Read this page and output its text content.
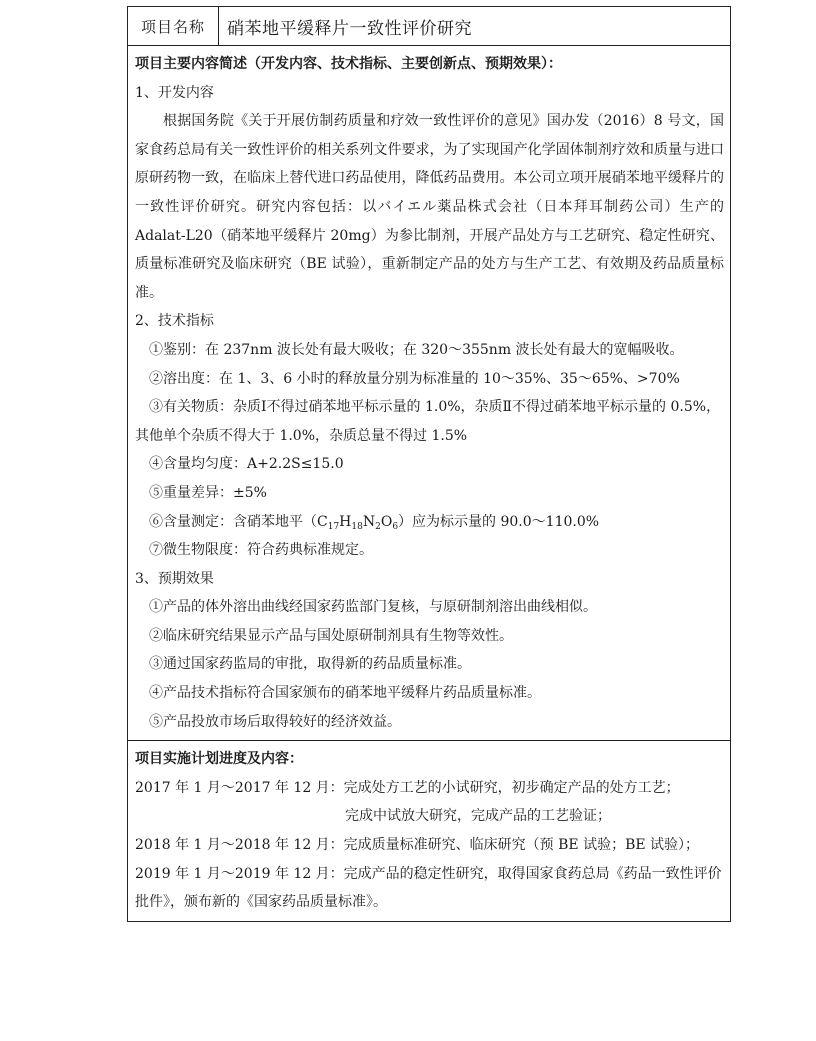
项目名称	硝苯地平缓释片一致性评价研究
项目主要内容简述（开发内容、技术指标、主要创新点、预期效果）：
1、开发内容
根据国务院《关于开展仿制药质量和疗效一致性评价的意见》国办发（2016）8 号文，国家食药总局有关一致性评价的相关系列文件要求，为了实现国产化学固体制剂疗效和质量与进口原研药物一致，在临床上替代进口药品使用，降低药品费用。本公司立项开展硝苯地平缓释片的一致性评价研究。研究内容包括：以バイエル薬品株式会社（日本拜耳制药公司）生产的 Adalat-L20（硝苯地平缓释片 20mg）为参比制剂，开展产品处方与工艺研究、稳定性研究、质量标准研究及临床研究（BE 试验），重新制定产品的处方与生产工艺、有效期及药品质量标准。
2、技术指标
①鉴别：在 237nm 波长处有最大吸收；在 320～355nm 波长处有最大的宽幅吸收。
②溶出度：在 1、3、6 小时的释放量分别为标准量的 10～35%、35～65%、>70%
③有关物质：杂质Ⅰ不得过硝苯地平标示量的 1.0%，杂质Ⅱ不得过硝苯地平标示量的 0.5%，其他单个杂质不得大于 1.0%，杂质总量不得过 1.5%
④含量均匀度：A+2.2S≤15.0
⑤重量差异：±5%
⑥含量测定：含硝苯地平$(C_{17}H_{18}N_2O_6)$应为标示量的 90.0～110.0%
⑦微生物限度：符合药典标准规定。
3、预期效果
①产品的体外溶出曲线经国家药监部门复核，与原研制剂溶出曲线相似。
②临床研究结果显示产品与国处原研制剂具有生物等效性。
③通过国家药监局的审批，取得新的药品质量标准。
④产品技术指标符合国家颁布的硝苯地平缓释片药品质量标准。
⑤产品投放市场后取得较好的经济效益。
项目实施计划进度及内容：
2017 年 1 月～2017 年 12 月：完成处方工艺的小试研究，初步确定产品的处方工艺；
完成中试放大研究，完成产品的工艺验证；
2018 年 1 月～2018 年 12 月：完成质量标准研究、临床研究（预 BE 试验；BE 试验）；
2019 年 1 月～2019 年 12 月：完成产品的稳定性研究，取得国家食药总局《药品一致性评价批件》，颁布新的《国家药品质量标准》。
